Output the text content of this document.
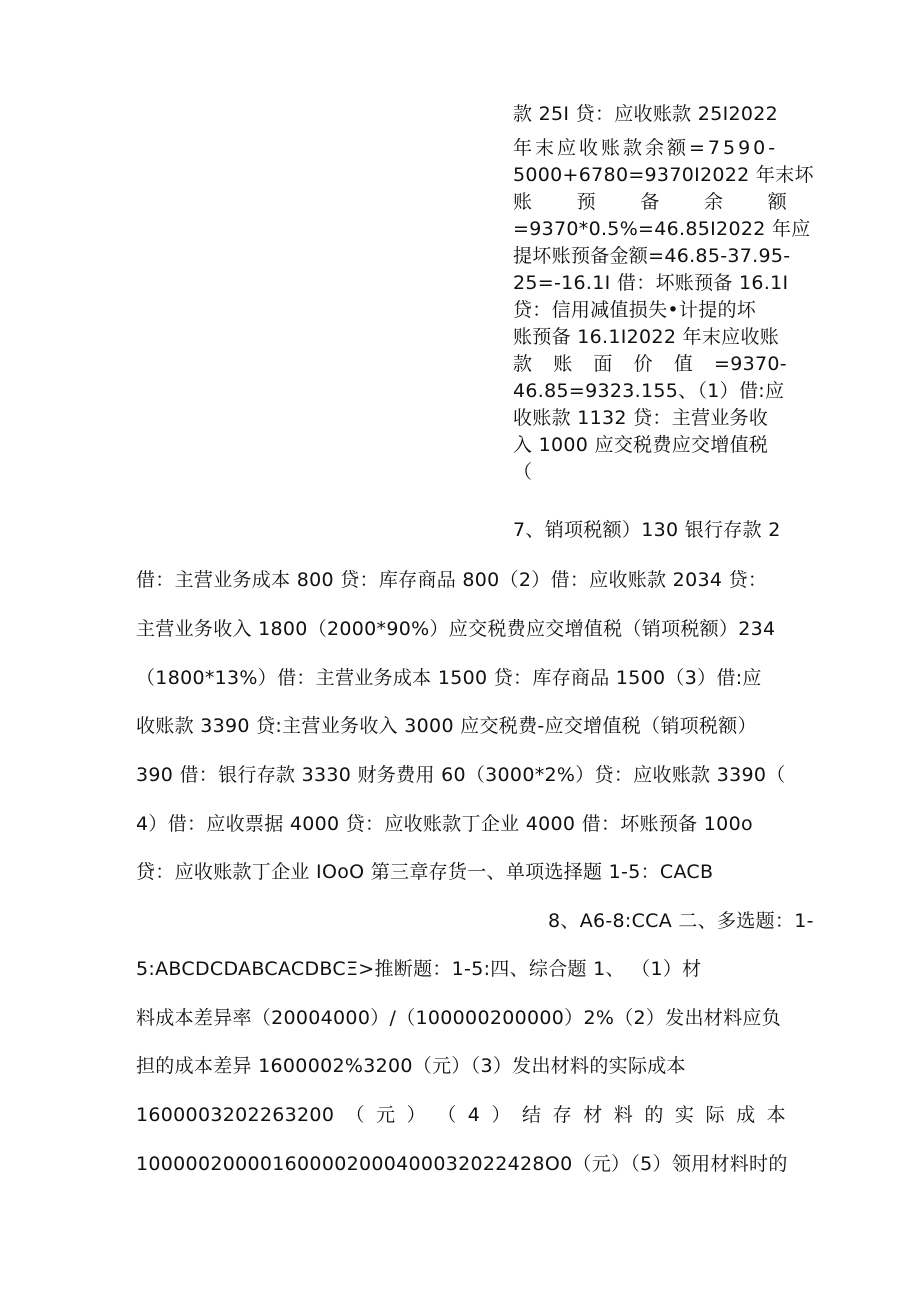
款 25I 贷：应收账款 25I2022
年末应收账款余额=7590-
5000+6780=9370I2022 年末坏
账 预 备 余 额
=9370*0.5%=46.85I2022 年应
提坏账预备金额=46.85-37.95-
25=-16.1I 借：坏账预备 16.1I
贷：信用减值损失•计提的坏
账预备 16.1I2022 年末应收账
款 账 面 价 值 =9370-
46.85=9323.155、（1）借:应
收账款 1132 贷：主营业务收
入 1000 应交税费应交增值税
（
7、销项税额）130 银行存款 2
借：主营业务成本 800 贷：库存商品 800（2）借：应收账款 2034 贷：
主营业务收入 1800（2000*90%）应交税费应交增值税（销项税额）234
（1800*13%）借：主营业务成本 1500 贷：库存商品 1500（3）借:应
收账款 3390 贷:主营业务收入 3000 应交税费-应交增值税（销项税额）
390 借：银行存款 3330 财务费用 60（3000*2%）贷：应收账款 3390（
4）借：应收票据 4000 贷：应收账款丁企业 4000 借：坏账预备 100o
贷：应收账款丁企业 IOoO 第三章存货一、单项选择题 1-5：CACB
8、A6-8:CCA 二、多选题：1-
5:ABCDCDABCACDBCΞ>推断题：1-5:四、综合题 1、 （1）材
料成本差异率（20004000）/（100000200000）2%（2）发出材料应负
担的成本差异 1600002%3200（元）（3）发出材料的实际成本
1600003202263200 （ 元 ） （ 4 ） 结 存 材 料 的 实 际 成 本
100000200001600002000400032022428O0（元）（5）领用材料时的
